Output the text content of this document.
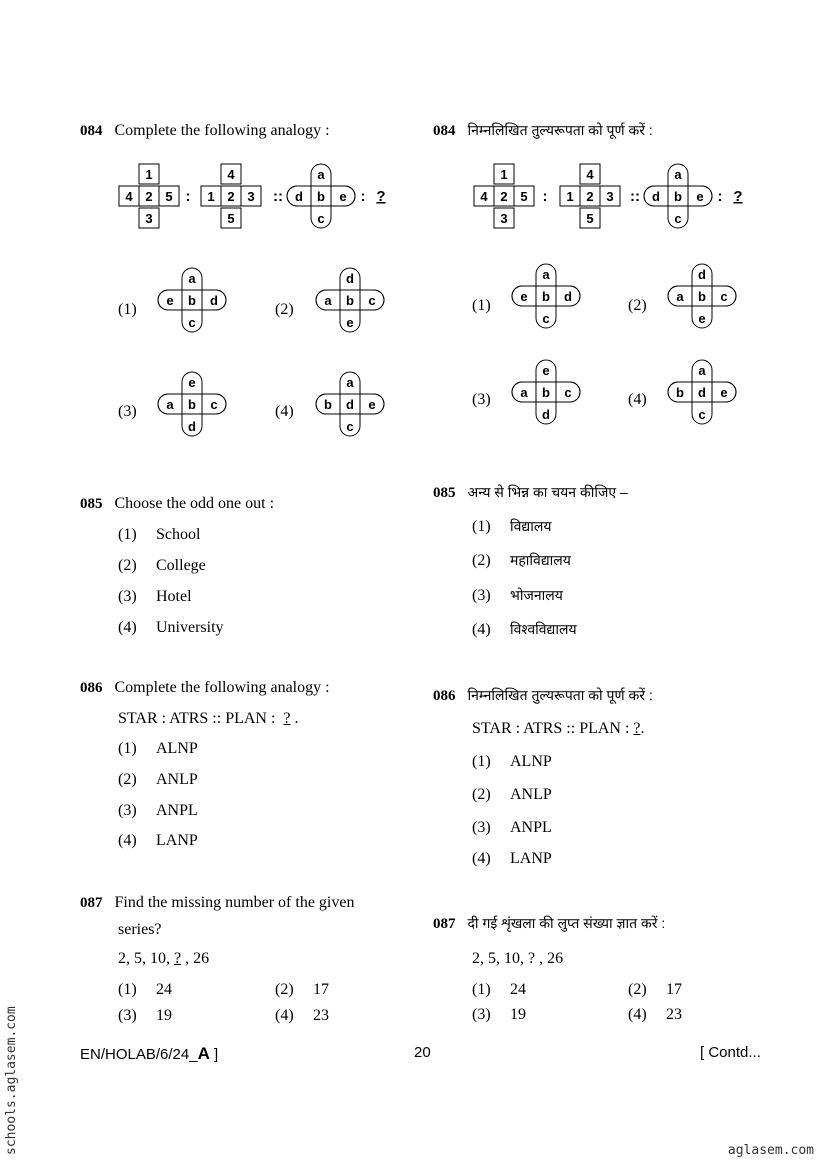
084 Complete the following analogy :
1
4 2 5
3
:
4
1 2 3
5
::
a
d b e
c
: ?
(1)
a
e b d
c
(2)
d
a b c
e
(3)
e
a b c
d
(4)
a
b d e
c
085 Choose the odd one out :
(1) School
(2) College
(3) Hotel
(4) University
086 Complete the following analogy :
STAR : ATRS :: PLAN : ? .
(1) ALNP
(2) ANLP
(3) ANPL
(4) LANP
087 Find the missing number of the given
series?
2, 5, 10, ? , 26
(1) 24	(2) 17
(3) 19	(4) 23
084 निम्नलिखित तुल्यरूपता को पूर्ण करें :
1
4 2 5
3
:
4
1 2 3
5
::
a
d b e
c
: ?
(1)
a
e b d
c
(2)
d
a b c
e
(3)
e
a b c
d
(4)
a
b d e
c
085 अन्य से भिन्न का चयन कीजिए –
(1) विद्यालय
(2) महाविद्यालय
(3) भोजनालय
(4) विश्वविद्यालय
086 निम्नलिखित तुल्यरूपता को पूर्ण करें :
STAR : ATRS :: PLAN : ?.
(1) ALNP
(2) ANLP
(3) ANPL
(4) LANP
087 दी गई शृंखला की लुप्त संख्या ज्ञात करें :
2, 5, 10, ? , 26
(1) 24	(2) 17
(3) 19	(4) 23
EN/HOLAB/6/24_A ]	20	[ Contd...
schools.aglasem.com	aglasem.com
